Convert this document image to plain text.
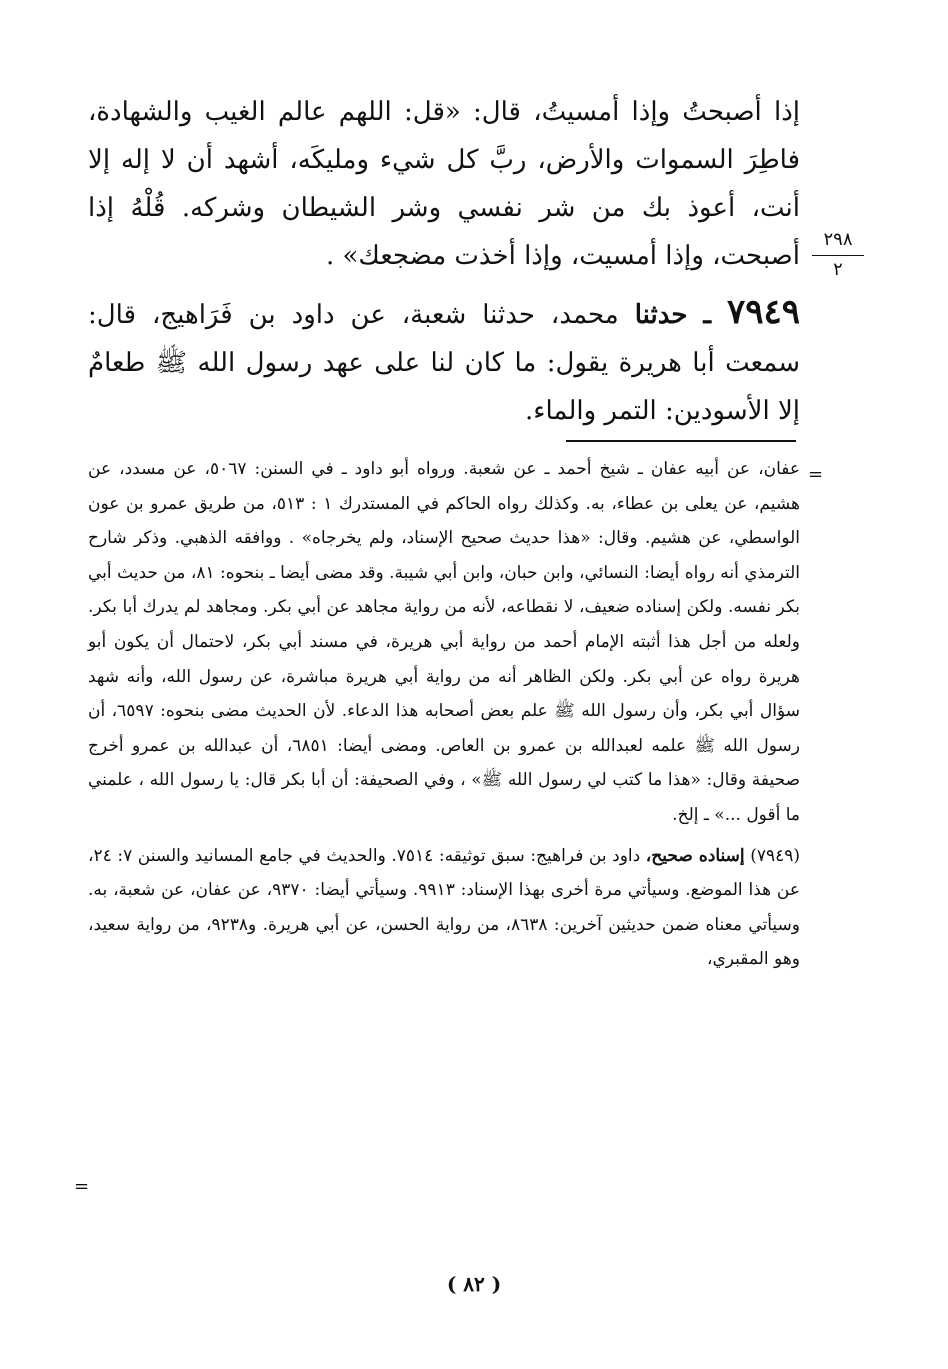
إذا أصبحتُ وإذا أمسيتُ، قال: «قل: اللهم عالم الغيب والشهادة، فاطِرَ السموات والأرض، ربَّ كل شيء ومليكَه، أشهد أن لا إله إلا أنت، أعوذ بك من شر نفسي وشر الشيطان وشركه. قُلْهُ إذا أصبحت، وإذا أمسيت، وإذا أخذت مضجعك» .

٧٩٤٩ ـ حدثنا محمد، حدثنا شعبة، عن داود بن فَرَاهيج، قال: سمعت أبا هريرة يقول: ما كان لنا على عهد رسول الله ﷺ طعامٌ إلا الأسودين: التمر والماء.
٢٩٨
٢
=

عفان، عن أبيه عفان ـ شيخ أحمد ـ عن شعبة. ورواه أبو داود ـ في السنن: ٥٠٦٧، عن مسدد، عن هشيم، عن يعلى بن عطاء، به. وكذلك رواه الحاكم في المستدرك ١ : ٥١٣، من طريق عمرو بن عون الواسطي، عن هشيم. وقال: «هذا حديث صحيح الإسناد، ولم يخرجاه» . ووافقه الذهبي. وذكر شارح الترمذي أنه رواه أيضا: النسائي، وابن حبان، وابن أبي شيبة. وقد مضى أيضا ـ بنحوه: ٨١، من حديث أبي بكر نفسه. ولكن إسناده ضعيف، لا نقطاعه، لأنه من رواية مجاهد عن أبي بكر. ومجاهد لم يدرك أبا بكر. ولعله من أجل هذا أثبته الإمام أحمد من رواية أبي هريرة، في مسند أبي بكر، لاحتمال أن يكون أبو هريرة رواه عن أبي بكر. ولكن الظاهر أنه من رواية أبي هريرة مباشرة، عن رسول الله، وأنه شهد سؤال أبي بكر، وأن رسول الله ﷺ علم بعض أصحابه هذا الدعاء. لأن الحديث مضى بنحوه: ٦٥٩٧، أن رسول الله ﷺ علمه لعبدالله بن عمرو بن العاص. ومضى أيضا: ٦٨٥١، أن عبدالله بن عمرو أخرج صحيفة وقال: «هذا ما كتب لي رسول الله ﷺ» ، وفي الصحيفة: أن أبا بكر قال: يا رسول الله ، علمني ما أقول ...» ـ إلخ.

(٧٩٤٩) إسناده صحيح، داود بن فراهيج: سبق توثيقه: ٧٥١٤. والحديث في جامع المسانيد والسنن ٧: ٢٤، عن هذا الموضع. وسيأتي مرة أخرى بهذا الإسناد: ٩٩١٣. وسيأتي أيضا: ٩٣٧٠، عن عفان، عن شعبة، به. وسيأتي معناه ضمن حديثين آخرين: ٨٦٣٨، من رواية الحسن، عن أبي هريرة. و٩٢٣٨، من رواية سعيد، وهو المقبري،

=
( ٨٢ )
